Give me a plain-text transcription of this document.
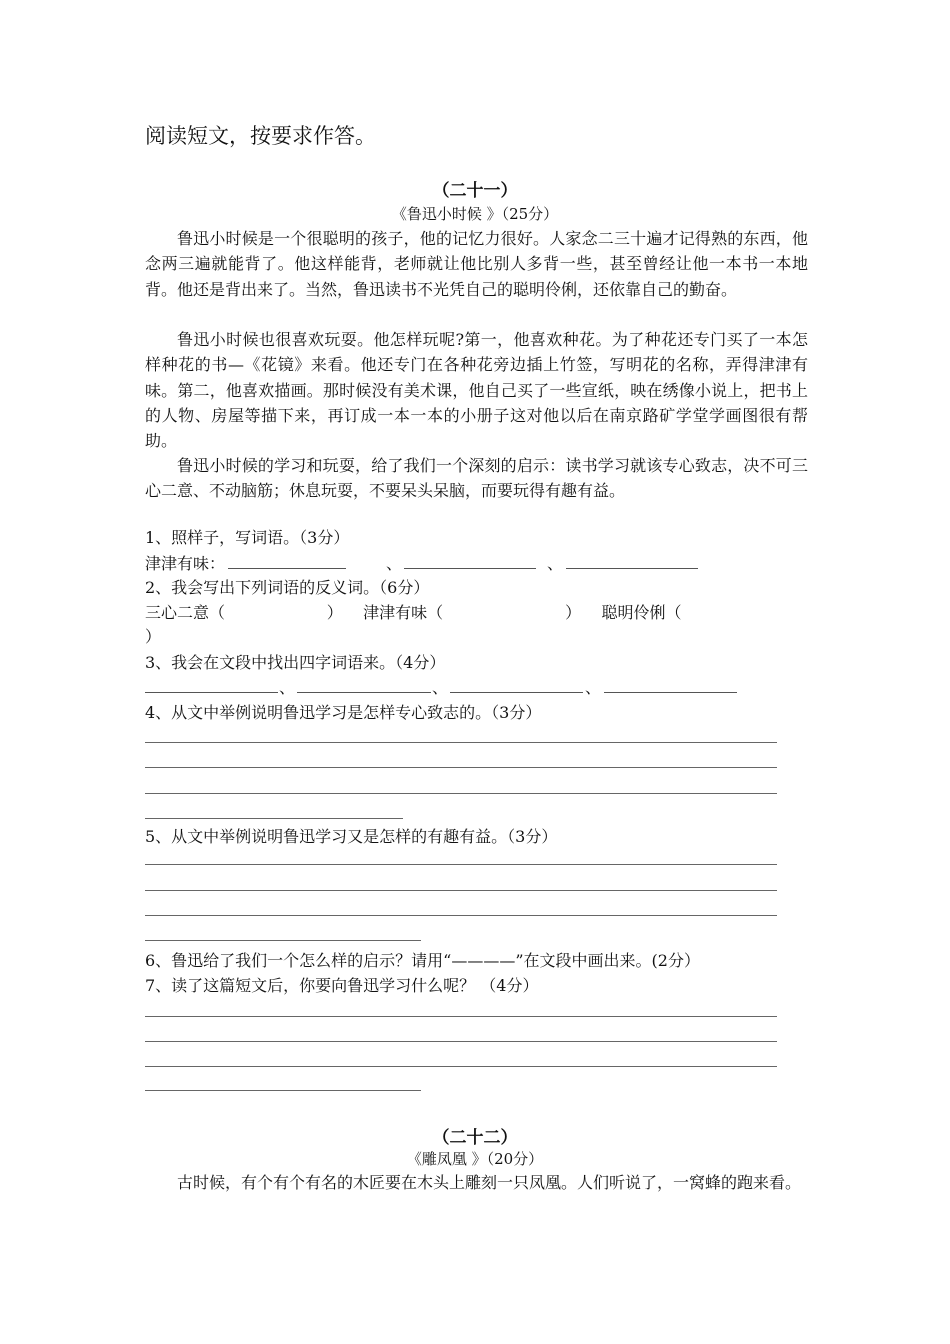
阅读短文，按要求作答。
（二十一）
《鲁迅小时候 》（25分）
鲁迅小时候是一个很聪明的孩子，他的记忆力很好。人家念二三十遍才记得熟的东西，他念两三遍就能背了。他这样能背，老师就让他比别人多背一些，甚至曾经让他一本书一本地背。他还是背出来了。当然，鲁迅读书不光凭自己的聪明伶俐，还依靠自己的勤奋。
鲁迅小时候也很喜欢玩耍。他怎样玩呢?第一，他喜欢种花。为了种花还专门买了一本怎样种花的书—《花镜》来看。他还专门在各种花旁边插上竹签，写明花的名称，弄得津津有味。第二，他喜欢描画。那时候没有美术课，他自己买了一些宣纸，映在绣像小说上，把书上的人物、房屋等描下来，再订成一本一本的小册子这对他以后在南京路矿学堂学画图很有帮助。
鲁迅小时候的学习和玩耍，给了我们一个深刻的启示：读书学习就该专心致志，决不可三心二意、不动脑筋；休息玩耍，不要呆头呆脑，而要玩得有趣有益。
1、照样子，写词语。（3分）
津津有味：	、	、
2、我会写出下列词语的反义词。（6分）
三心二意（                    ）    津津有味（                        ）    聪明伶俐（
）
3、我会在文段中找出四字词语来。（4分）
、	、	、
4、从文中举例说明鲁迅学习是怎样专心致志的。（3分）
5、从文中举例说明鲁迅学习又是怎样的有趣有益。（3分）
6、鲁迅给了我们一个怎么样的启示？请用“————”在文段中画出来。(2分）
7、读了这篇短文后，你要向鲁迅学习什么呢？ （4分）
（二十二）
《雕凤凰 》（20分）
古时候，有个有个有名的木匠要在木头上雕刻一只凤凰。人们听说了，一窝蜂的跑来看。
